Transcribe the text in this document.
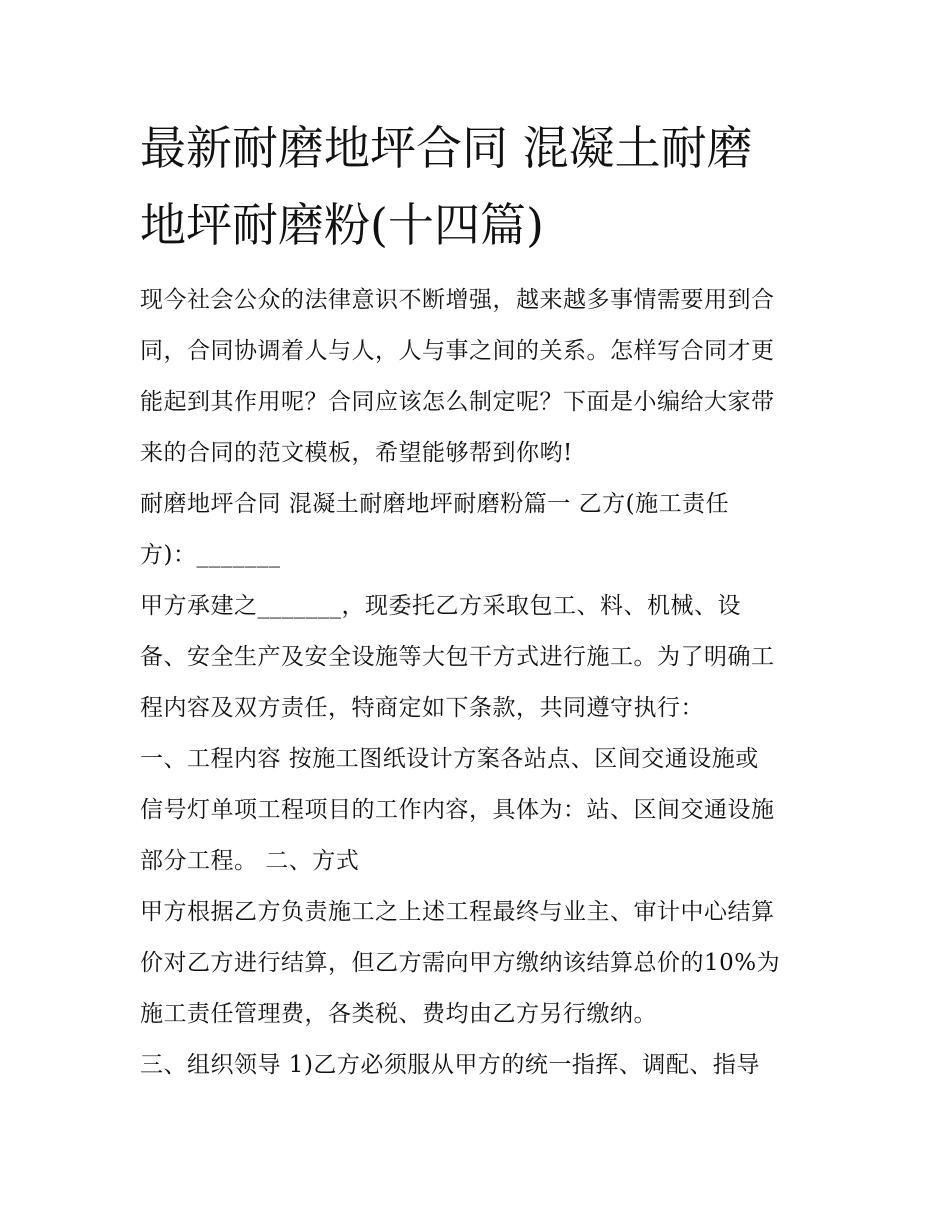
最新耐磨地坪合同 混凝土耐磨
地坪耐磨粉(十四篇)
现今社会公众的法律意识不断增强，越来越多事情需要用到合
同，合同协调着人与人，人与事之间的关系。怎样写合同才更
能起到其作用呢？合同应该怎么制定呢？下面是小编给大家带
来的合同的范文模板，希望能够帮到你哟!
耐磨地坪合同 混凝土耐磨地坪耐磨粉篇一 乙方(施工责任
方)：_______
甲方承建之_______，现委托乙方采取包工、料、机械、设
备、安全生产及安全设施等大包干方式进行施工。为了明确工
程内容及双方责任，特商定如下条款，共同遵守执行：
一、工程内容 按施工图纸设计方案各站点、区间交通设施或
信号灯单项工程项目的工作内容，具体为：站、区间交通设施
部分工程。 二、方式
甲方根据乙方负责施工之上述工程最终与业主、审计中心结算
价对乙方进行结算，但乙方需向甲方缴纳该结算总价的10%为
施工责任管理费，各类税、费均由乙方另行缴纳。
三、组织领导 1)乙方必须服从甲方的统一指挥、调配、指导
